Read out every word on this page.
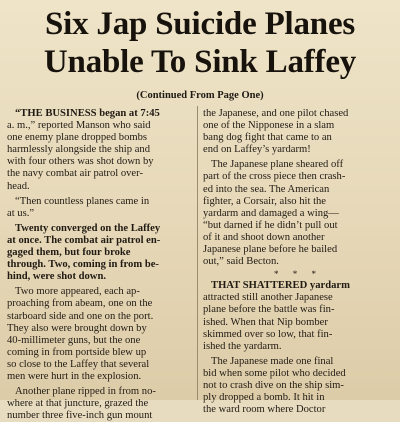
Six Jap Suicide Planes
Unable To Sink Laffey
(Continued From Page One)
“THE BUSINESS began at 7:45
a. m.,” reported Manson who said
one enemy plane dropped bombs
harmlessly alongside the ship and
with four others was shot down by
the navy combat air patrol over-
head.
“Then countless planes came in
at us.”
Twenty converged on the Laffey
at once. The combat air patrol en-
gaged them, but four broke
through. Two, coming in from be-
hind, were shot down.
Two more appeared, each ap-
proaching from abeam, one on the
starboard side and one on the port.
They also were brought down by
40-millimeter guns, but the one
coming in from portside blew up
so close to the Laffey that several
men were hurt in the explosion.
Another plane ripped in from no-
where at that juncture, grazed the
number three five-inch gun mount
the Japanese, and one pilot chased
one of the Nipponese in a slam
bang dog fight that came to an
end on Laffey’s yardarm!
The Japanese plane sheared off
part of the cross piece then crash-
ed into the sea. The American
fighter, a Corsair, also hit the
yardarm and damaged a wing—
“but darned if he didn’t pull out
of it and shoot down another
Japanese plane before he bailed
out,” said Becton.
* * *
THAT SHATTERED yardarm
attracted still another Japanese
plane before the battle was fin-
ished. When that Nip bomber
skimmed over so low, that fin-
ished the yardarm.
The Japanese made one final
bid when some pilot who decided
not to crash dive on the ship sim-
ply dropped a bomb. It hit in
the ward room where Doctor
